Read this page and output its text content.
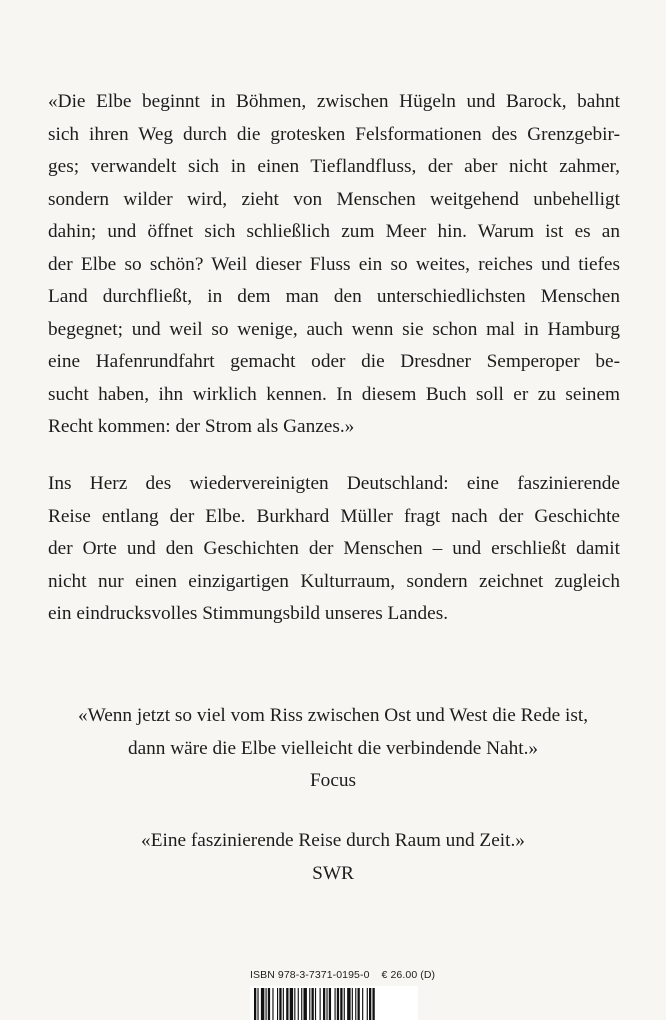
«Die Elbe beginnt in Böhmen, zwischen Hügeln und Barock, bahnt
sich ihren Weg durch die grotesken Felsformationen des Grenzgebir-
ges; verwandelt sich in einen Tieflandfluss, der aber nicht zahmer,
sondern wilder wird, zieht von Menschen weitgehend unbehelligt
dahin; und öffnet sich schließlich zum Meer hin. Warum ist es an
der Elbe so schön? Weil dieser Fluss ein so weites, reiches und tiefes
Land durchfließt, in dem man den unterschiedlichsten Menschen
begegnet; und weil so wenige, auch wenn sie schon mal in Hamburg
eine Hafenrundfahrt gemacht oder die Dresdner Semperoper be-
sucht haben, ihn wirklich kennen. In diesem Buch soll er zu seinem
Recht kommen: der Strom als Ganzes.»
Ins Herz des wiedervereinigten Deutschland: eine faszinierende
Reise entlang der Elbe. Burkhard Müller fragt nach der Geschichte
der Orte und den Geschichten der Menschen – und erschließt damit
nicht nur einen einzigartigen Kulturraum, sondern zeichnet zugleich
ein eindrucksvolles Stimmungsbild unseres Landes.
«Wenn jetzt so viel vom Riss zwischen Ost und West die Rede ist,
dann wäre die Elbe vielleicht die verbindende Naht.»
Focus
«Eine faszinierende Reise durch Raum und Zeit.»
SWR
ISBN 978-3-7371-0195-0 € 26.00 (D)
